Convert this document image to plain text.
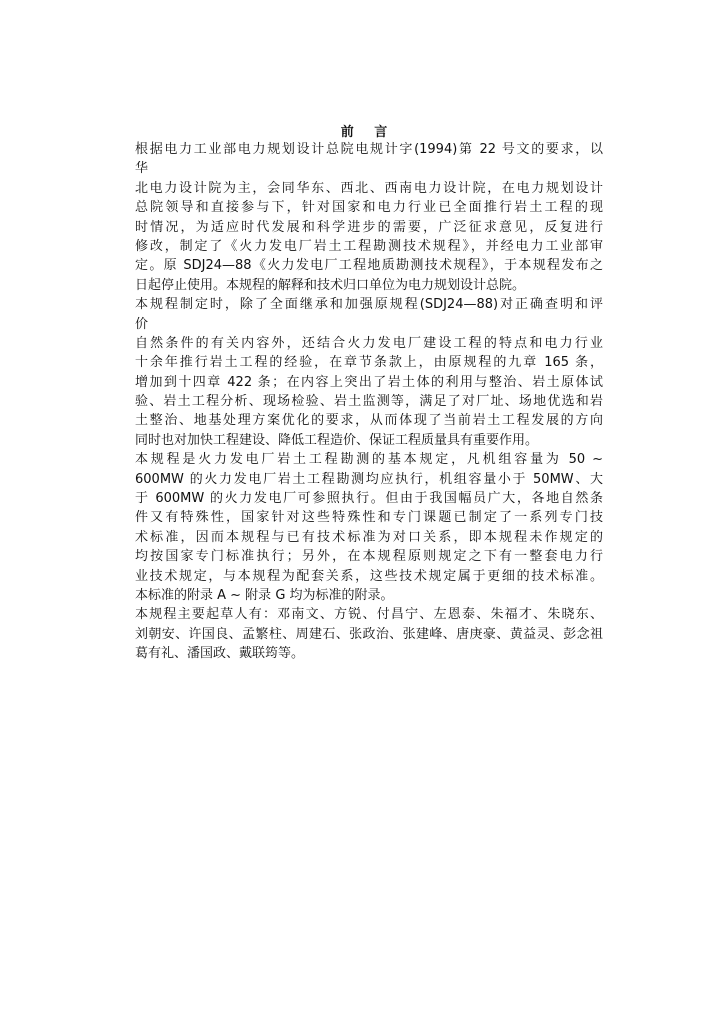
前 言
根据电力工业部电力规划设计总院电规计字(1994)第 22 号文的要求，以
华
北电力设计院为主，会同华东、西北、西南电力设计院，在电力规划设计
总院领导和直接参与下，针对国家和电力行业已全面推行岩土工程的现
时情况，为适应时代发展和科学进步的需要，广泛征求意见，反复进行
修改，制定了《火力发电厂岩土工程勘测技术规程》，并经电力工业部审
定。原 SDJ24—88《火力发电厂工程地质勘测技术规程》，于本规程发布之
日起停止使用。本规程的解释和技术归口单位为电力规划设计总院。
本规程制定时，除了全面继承和加强原规程(SDJ24—88)对正确查明和评
价
自然条件的有关内容外，还结合火力发电厂建设工程的特点和电力行业
十余年推行岩土工程的经验，在章节条款上，由原规程的九章 165 条，
增加到十四章 422 条；在内容上突出了岩土体的利用与整治、岩土原体试
验、岩土工程分析、现场检验、岩土监测等，满足了对厂址、场地优选和岩
土整治、地基处理方案优化的要求，从而体现了当前岩土工程发展的方向
同时也对加快工程建设、降低工程造价、保证工程质量具有重要作用。
本规程是火力发电厂岩土工程勘测的基本规定，凡机组容量为 50 ~
600MW 的火力发电厂岩土工程勘测均应执行，机组容量小于 50MW、大
于 600MW 的火力发电厂可参照执行。但由于我国幅员广大，各地自然条
件又有特殊性，国家针对这些特殊性和专门课题已制定了一系列专门技
术标准，因而本规程与已有技术标准为对口关系，即本规程未作规定的
均按国家专门标准执行；另外，在本规程原则规定之下有一整套电力行
业技术规定，与本规程为配套关系，这些技术规定属于更细的技术标准。
本标准的附录 A ~ 附录 G 均为标准的附录。
本规程主要起草人有：邓南文、方锐、付昌宁、左恩泰、朱福才、朱晓东、
刘朝安、许国良、孟繁柱、周建石、张政治、张建峰、唐庚豪、黄益灵、彭念祖
葛有礼、潘国政、戴联筠等。
